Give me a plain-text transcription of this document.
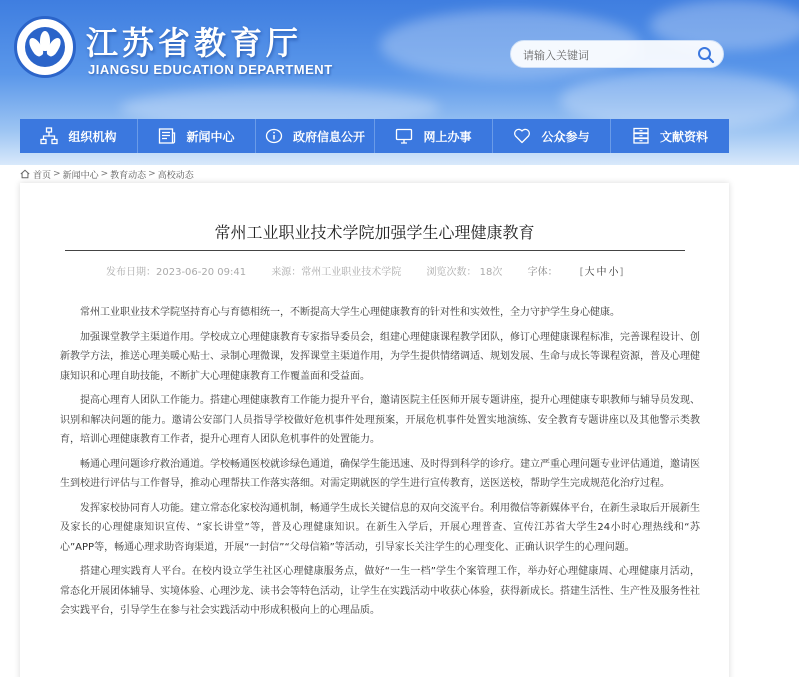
江苏省教育厅
JIANGSU EDUCATION DEPARTMENT
请输入关键词
组织机构	新闻中心	政府信息公开	网上办事	公众参与	文献资料
首页 > 新闻中心 > 教育动态 > 高校动态
常州工业职业技术学院加强学生心理健康教育
发布日期：2023-06-20 09:41	来源：常州工业职业技术学院	浏览次数： 18次	字体： [大 中 小]

常州工业职业技术学院坚持育心与育德相统一，不断提高大学生心理健康教育的针对性和实效性，全力守护学生身心健康。

加强课堂教学主渠道作用。学校成立心理健康教育专家指导委员会，组建心理健康课程教学团队，修订心理健康课程标准，完善课程设计、创新教学方法，推送心理美暖心贴士、录制心理微课，发挥课堂主渠道作用，为学生提供情绪调适、规划发展、生命与成长等课程资源，普及心理健康知识和心理自助技能，不断扩大心理健康教育工作覆盖面和受益面。

提高心理育人团队工作能力。搭建心理健康教育工作能力提升平台，邀请医院主任医师开展专题讲座，提升心理健康专职教师与辅导员发现、识别和解决问题的能力。邀请公安部门人员指导学校做好危机事件处理预案，开展危机事件处置实地演练、安全教育专题讲座以及其他警示类教育，培训心理健康教育工作者，提升心理育人团队危机事件的处置能力。

畅通心理问题诊疗救治通道。学校畅通医校就诊绿色通道，确保学生能迅速、及时得到科学的诊疗。建立严重心理问题专业评估通道，邀请医生到校进行评估与工作督导，推动心理帮扶工作落实落细。对需定期就医的学生进行宣传教育，送医送校，帮助学生完成规范化治疗过程。

发挥家校协同育人功能。建立常态化家校沟通机制，畅通学生成长关键信息的双向交流平台。利用微信等新媒体平台，在新生录取后开展新生及家长的心理健康知识宣传、“家长讲堂”等，普及心理健康知识。在新生入学后，开展心理普查、宣传江苏省大学生24小时心理热线和“苏心”APP等，畅通心理求助咨询渠道，开展“一封信”“父母信箱”等活动，引导家长关注学生的心理变化、正确认识学生的心理问题。

搭建心理实践育人平台。在校内设立学生社区心理健康服务点，做好“一生一档”学生个案管理工作，举办好心理健康周、心理健康月活动，常态化开展团体辅导、实境体验、心理沙龙、读书会等特色活动，让学生在实践活动中收获心体验，获得新成长。搭建生活性、生产性及服务性社会实践平台，引导学生在参与社会实践活动中形成积极向上的心理品质。
